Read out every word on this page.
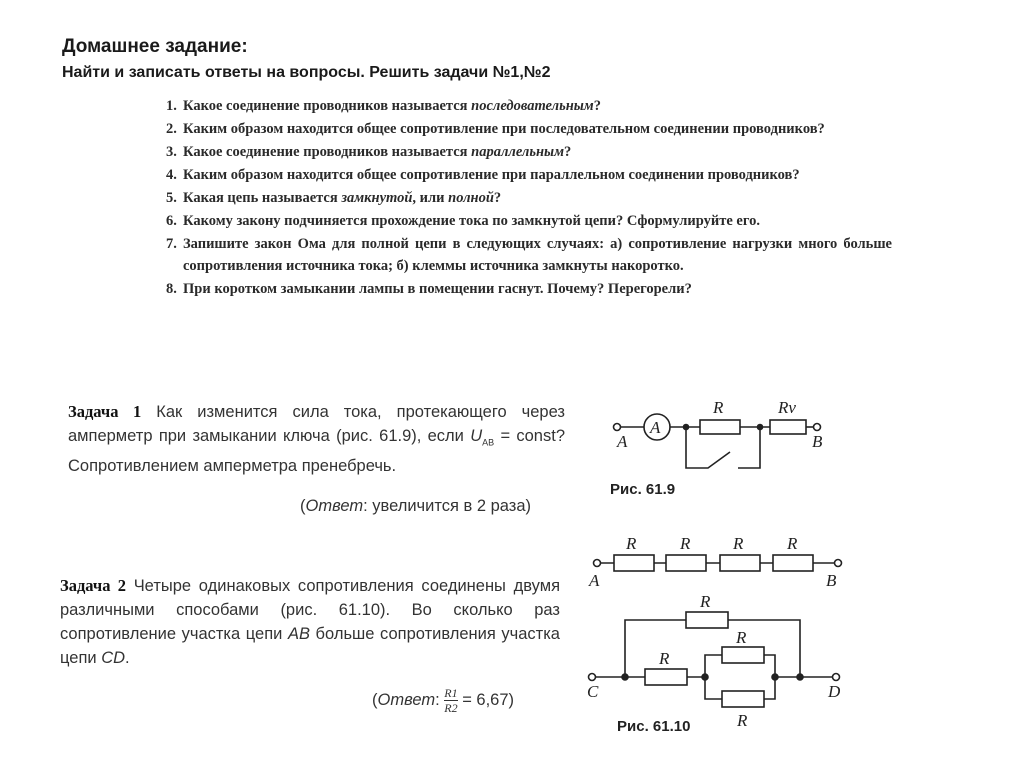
Домашнее задание:
Найти и записать ответы на вопросы. Решить задачи №1,№2
1. Какое соединение проводников называется последовательным?
2. Каким образом находится общее сопротивление при последовательном соединении проводников?
3. Какое соединение проводников называется параллельным?
4. Каким образом находится общее сопротивление при параллельном соединении проводников?
5. Какая цепь называется замкнутой, или полной?
6. Какому закону подчиняется прохождение тока по замкнутой цепи? Сформулируйте его.
7. Запишите закон Ома для полной цепи в следующих случаях: а) сопротивление нагрузки много больше сопротивления источника тока; б) клеммы источника замкнуты накоротко.
8. При коротком замыкании лампы в помещении гаснут. Почему? Перегорели?
Задача 1 Как изменится сила тока, протекающего через амперметр при замыкании ключа (рис. 61.9), если $U_{AB}$ = const? Сопротивлением амперметра пренебречь.
(Ответ: увеличится в 2 раза)
Задача 2 Четыре одинаковых сопротивления соединены двумя различными способами (рис. 61.10). Во сколько раз сопротивление участка цепи AB больше сопротивления участка цепи CD.
(Ответ: $\frac{R1}{R2} = 6,67$)
A
R	Rv
A	B
Рис. 61.9
R	R	R	R
A	B
R
R
R
R
C	D
Рис. 61.10
